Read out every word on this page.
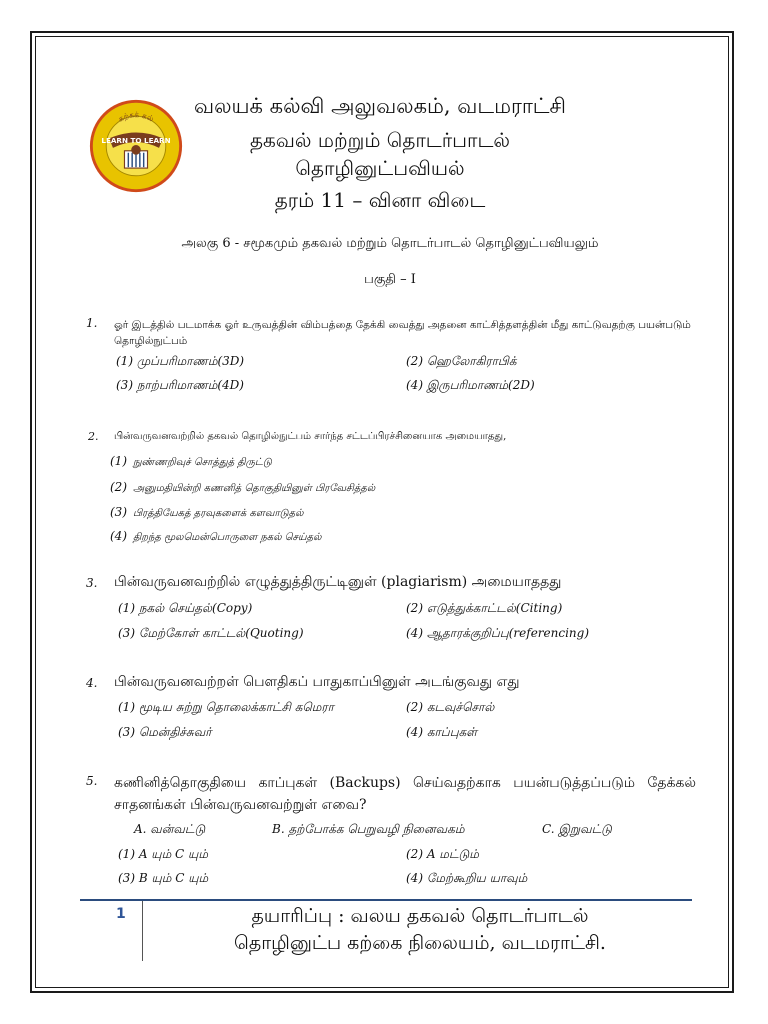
கற்கக் கல்
LEARN TO LEARN
வலயக் கல்வி அலுவலகம், வடமராட்சி
தகவல் மற்றும் தொடர்பாடல்
தொழினுட்பவியல்
தரம் 11 – வினா விடை
அலகு 6 - சமூகமும் தகவல் மற்றும் தொடர்பாடல் தொழினுட்பவியலும்
பகுதி – I
1. ஓர் இடத்தில் படமாக்க ஓர் உருவத்தின் விம்பத்தை தேக்கி வைத்து அதனை காட்சித்தளத்தின் மீது காட்டுவதற்கு பயன்படும் தொழில்நுட்பம்
(1) முப்பரிமாணம்(3D)	(2) ஹெலோகிராபிக்
(3) நாற்பரிமாணம்(4D)	(4) இருபரிமாணம்(2D)
2. பின்வருவனவற்றில் தகவல் தொழில்நுட்பம் சார்ந்த சட்டப்பிரச்சினையாக அமையாதது,
(1) நுண்ணறிவுச் சொத்துத் திருட்டு
(2) அனுமதியின்றி கணனித் தொகுதியினுள் பிரவேசித்தல்
(3) பிரத்தியேகத் தரவுகளைக் களவாடுதல்
(4) திறந்த மூலமென்பொருளை நகல் செய்தல்
3. பின்வருவனவற்றில் எழுத்துத்திருட்டினுள் (plagiarism) அமையாததது
(1) நகல் செய்தல்(Copy)	(2) எடுத்துக்காட்டல்(Citing)
(3) மேற்கோள் காட்டல்(Quoting)	(4) ஆதாரக்குறிப்பு(referencing)
4. பின்வருவனவற்றள் பௌதிகப் பாதுகாப்பினுள் அடங்குவது எது
(1) மூடிய சுற்று தொலைக்காட்சி கமெரா	(2) கடவுச்சொல்
(3) மென்திச்சுவர்	(4) காப்புகள்
5. கணினித்தொகுதியை காப்புகள் (Backups) செய்வதற்காக பயன்படுத்தப்படும் தேக்கல் சாதனங்கள் பின்வருவனவற்றுள் எவை?
A. வன்வட்டு	B. தற்போக்க பெறுவழி நினைவகம்	C. இறுவட்டு
(1) A யும் C யும்	(2) A மட்டும்
(3) B யும் C யும்	(4) மேற்கூறிய யாவும்
1	தயாரிப்பு : வலய தகவல் தொடர்பாடல்
தொழினுட்ப கற்கை நிலையம், வடமராட்சி.
